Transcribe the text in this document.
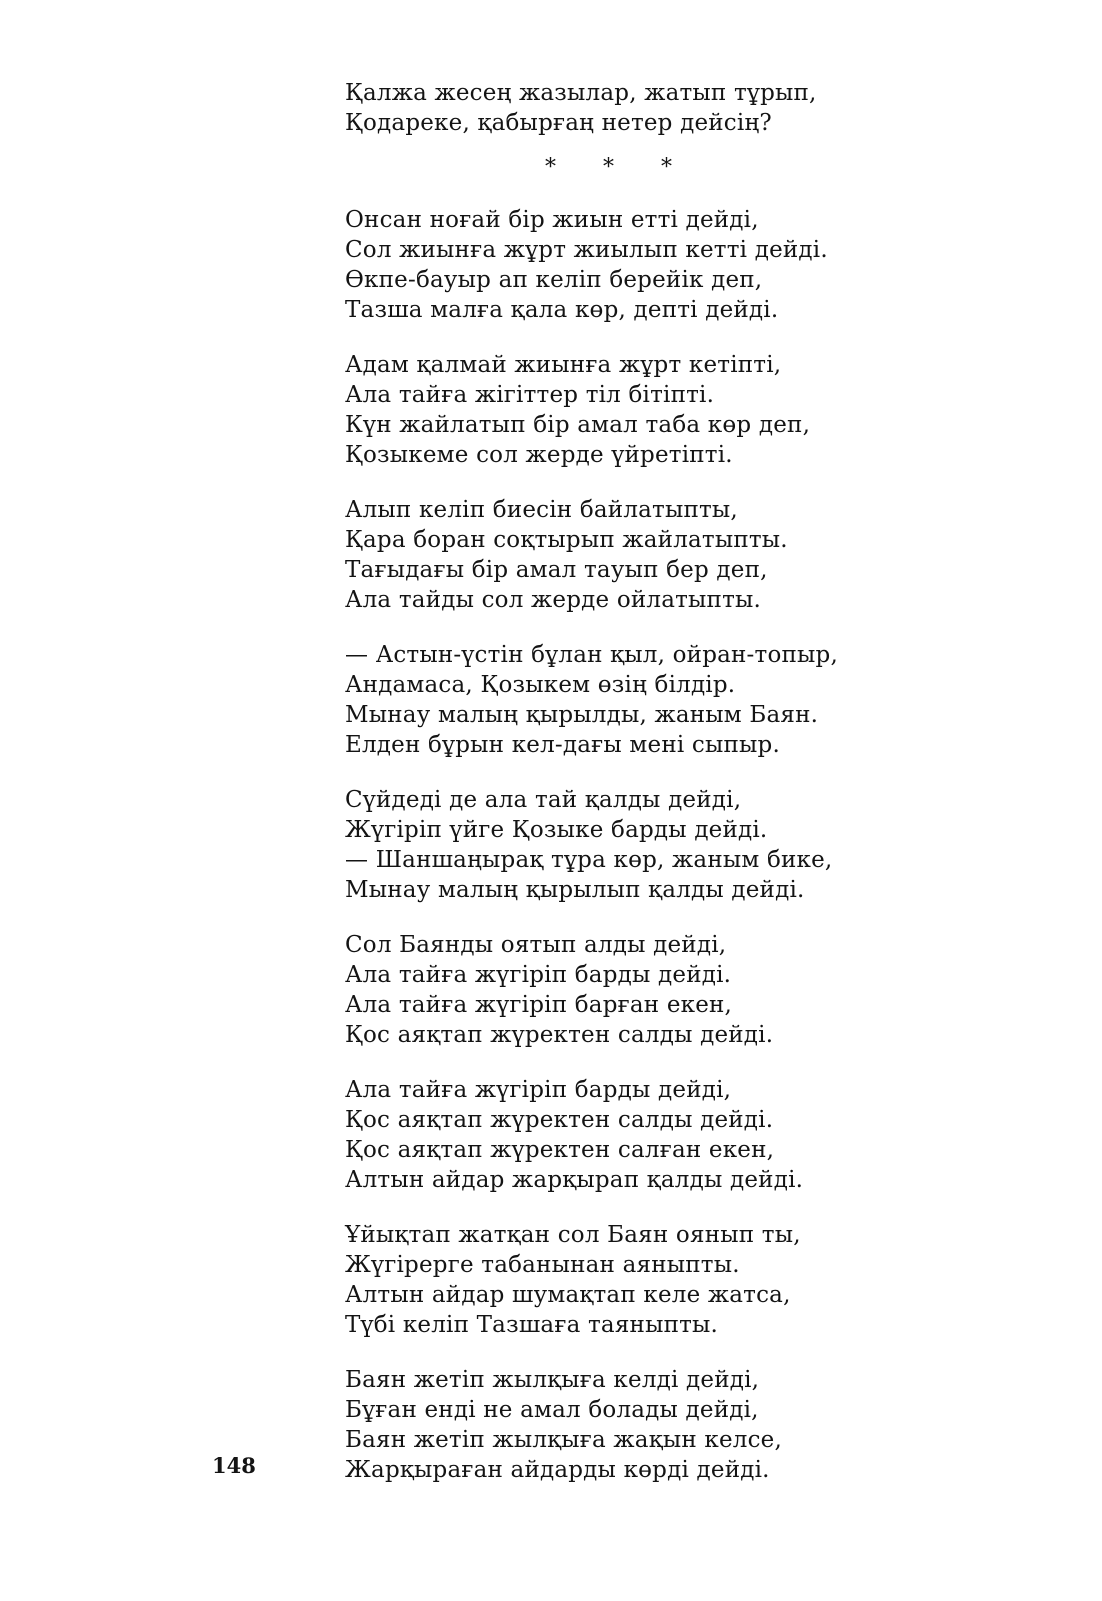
Қалжа жесең жазылар, жатып тұрып,
Қодареке, қабырғаң нетер дейсің?
* * *
Онсан ноғай бір жиын етті дейді,
Сол жиынға жұрт жиылып кетті дейді.
Өкпе-бауыр ап келіп берейік деп,
Тазша малға қала көр, депті дейді.
Адам қалмай жиынға жұрт кетіпті,
Ала тайға жігіттер тіл бітіпті.
Күн жайлатып бір амал таба көр деп,
Қозыкеме сол жерде үйретіпті.
Алып келіп биесін байлатыпты,
Қара боран соқтырып жайлатыпты.
Тағыдағы бір амал тауып бер деп,
Ала тайды сол жерде ойлатыпты.
— Астын-үстін бұлан қыл, ойран-топыр,
Андамаса, Қозыкем өзің білдір.
Мынау малың қырылды, жаным Баян.
Елден бұрын кел-дағы мені сыпыр.
Сүйдеді де ала тай қалды дейді,
Жүгіріп үйге Қозыке барды дейді.
— Шаншаңырақ тұра көр, жаным бике,
Мынау малың қырылып қалды дейді.
Сол Баянды оятып алды дейді,
Ала тайға жүгіріп барды дейді.
Ала тайға жүгіріп барған екен,
Қос аяқтап жүректен салды дейді.
Ала тайға жүгіріп барды дейді,
Қос аяқтап жүректен салды дейді.
Қос аяқтап жүректен салған екен,
Алтын айдар жарқырап қалды дейді.
Ұйықтап жатқан сол Баян оянып ты,
Жүгірерге табанынан аяныпты.
Алтын айдар шумақтап келе жатса,
Түбі келіп Тазшаға таяныпты.
Баян жетіп жылқыға келді дейді,
Бұған енді не амал болады дейді,
Баян жетіп жылқыға жақын келсе,
Жарқыраған айдарды көрді дейді.
148
